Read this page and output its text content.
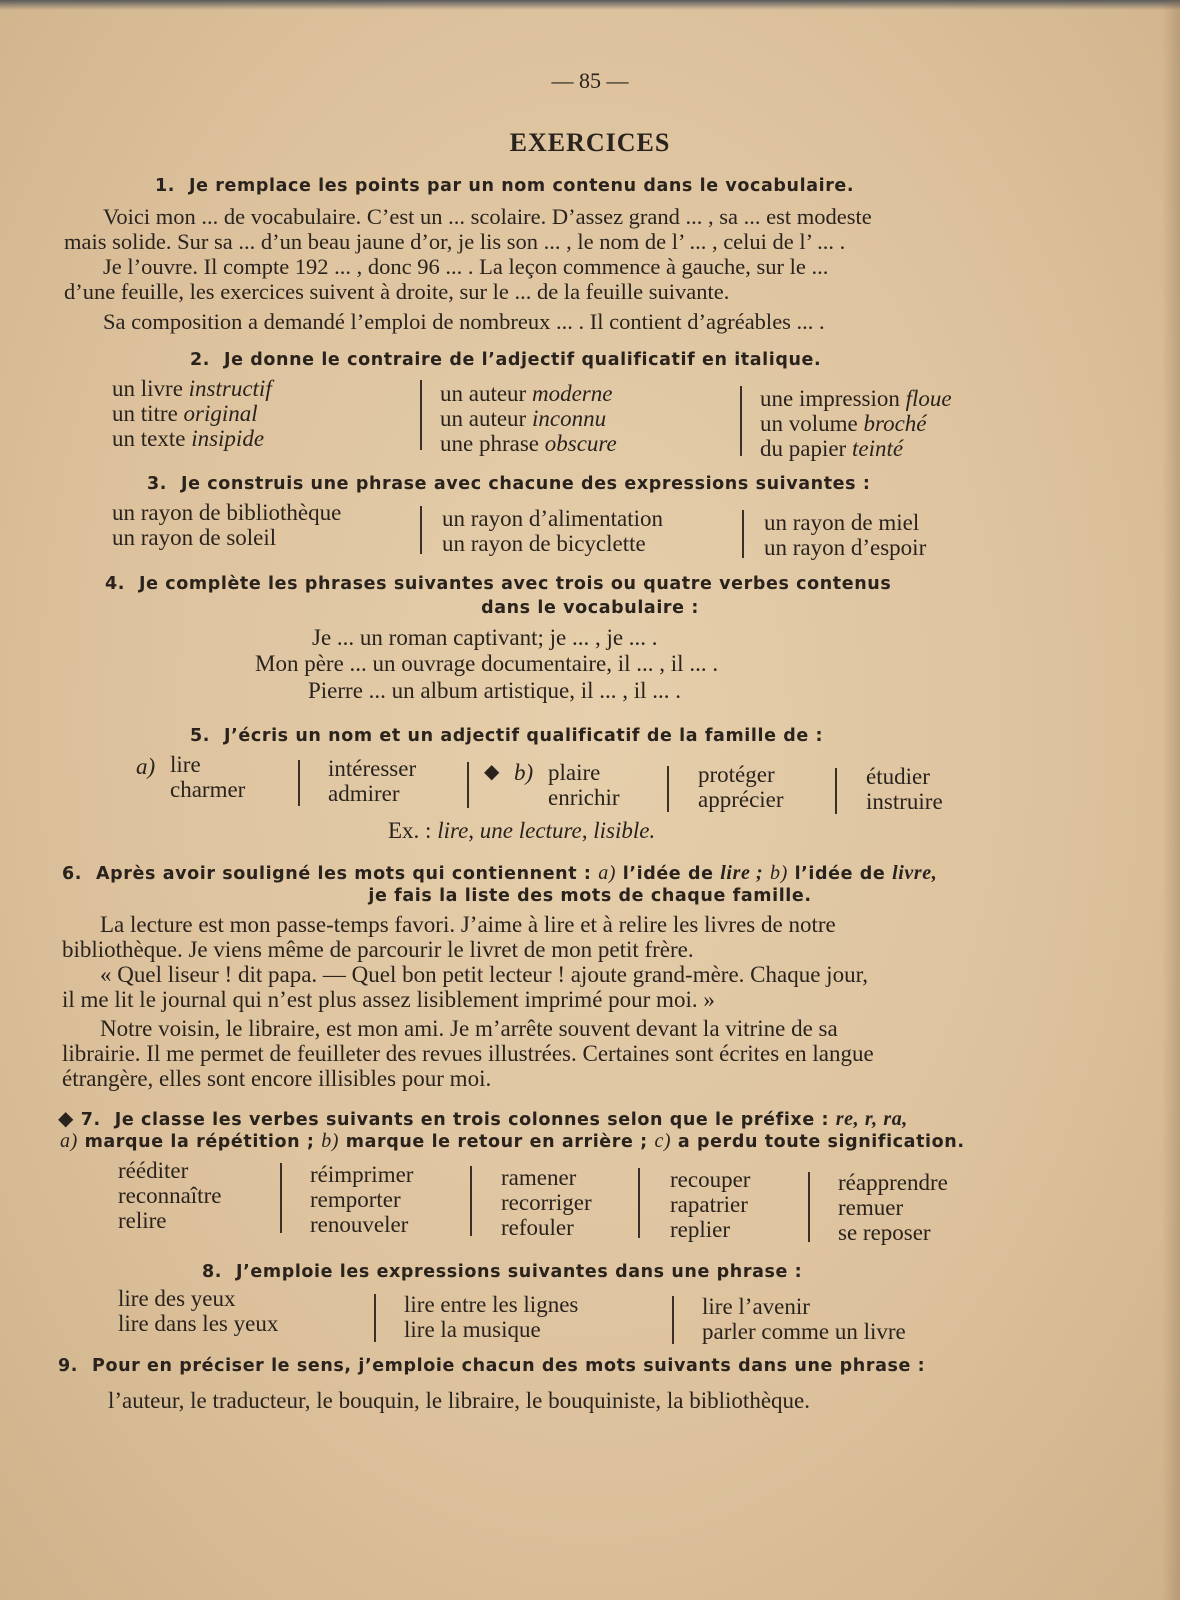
— 85 —
EXERCICES
1. Je remplace les points par un nom contenu dans le vocabulaire.
Voici mon ... de vocabulaire. C’est un ... scolaire. D’assez grand ... , sa ... est modeste
mais solide. Sur sa ... d’un beau jaune d’or, je lis son ... , le nom de l’ ... , celui de l’ ... .
Je l’ouvre. Il compte 192 ... , donc 96 ... . La leçon commence à gauche, sur le ...
d’une feuille, les exercices suivent à droite, sur le ... de la feuille suivante.
Sa composition a demandé l’emploi de nombreux ... . Il contient d’agréables ... .
2. Je donne le contraire de l’adjectif qualificatif en italique.
un livre instructif
un titre original
un texte insipide
un auteur moderne
un auteur inconnu
une phrase obscure
une impression floue
un volume broché
du papier teinté
3. Je construis une phrase avec chacune des expressions suivantes :
un rayon de bibliothèque
un rayon de soleil
un rayon d’alimentation
un rayon de bicyclette
un rayon de miel
un rayon d’espoir
4. Je complète les phrases suivantes avec trois ou quatre verbes contenus
dans le vocabulaire :
Je ... un roman captivant; je ... , je ... .
Mon père ... un ouvrage documentaire, il ... , il ... .
Pierre ... un album artistique, il ... , il ... .
5. J’écris un nom et un adjectif qualificatif de la famille de :
a) lire
charmer
intéresser
admirer
◆ b) plaire
enrichir
protéger
apprécier
étudier
instruire
Ex. : lire, une lecture, lisible.
6. Après avoir souligné les mots qui contiennent : a) l’idée de lire ; b) l’idée de livre,
je fais la liste des mots de chaque famille.
La lecture est mon passe-temps favori. J’aime à lire et à relire les livres de notre
bibliothèque. Je viens même de parcourir le livret de mon petit frère.
« Quel liseur ! dit papa. — Quel bon petit lecteur ! ajoute grand-mère. Chaque jour,
il me lit le journal qui n’est plus assez lisiblement imprimé pour moi. »
Notre voisin, le libraire, est mon ami. Je m’arrête souvent devant la vitrine de sa
librairie. Il me permet de feuilleter des revues illustrées. Certaines sont écrites en langue
étrangère, elles sont encore illisibles pour moi.
◆ 7. Je classe les verbes suivants en trois colonnes selon que le préfixe : re, r, ra,
a) marque la répétition ; b) marque le retour en arrière ; c) a perdu toute signification.
rééditer
reconnaître
relire
réimprimer
remporter
renouveler
ramener
recorriger
refouler
recouper
rapatrier
replier
réapprendre
remuer
se reposer
8. J’emploie les expressions suivantes dans une phrase :
lire des yeux
lire dans les yeux
lire entre les lignes
lire la musique
lire l’avenir
parler comme un livre
9. Pour en préciser le sens, j’emploie chacun des mots suivants dans une phrase :
l’auteur, le traducteur, le bouquin, le libraire, le bouquiniste, la bibliothèque.
